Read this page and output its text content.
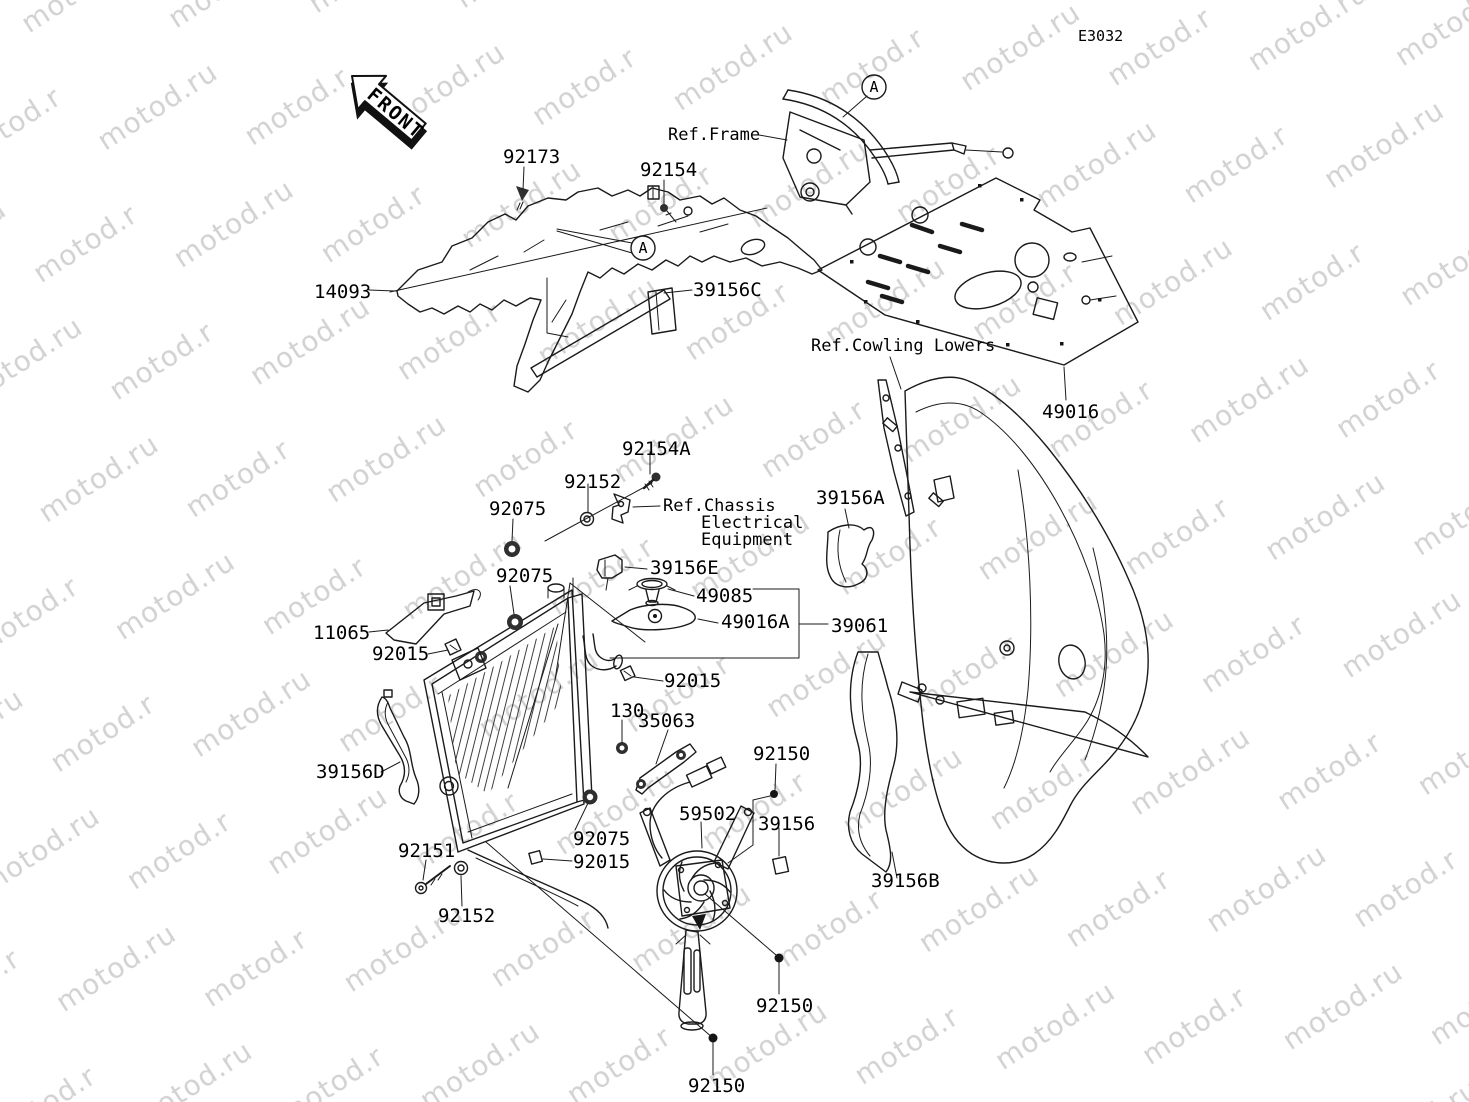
FRONT	A
A
E3032
Ref.Frame
Ref.Cowling Lowers
Ref.Chassis
Electrical
Equipment
92173
92154
14093	39156C
49016
92154A
92152
92075	39156A
39156E
49085
49016A 39061
92075
11065
92015
92015
130
35063
92150
39156D
59502 39156
92075
92015
92151
92152
39156B
92150
92150
